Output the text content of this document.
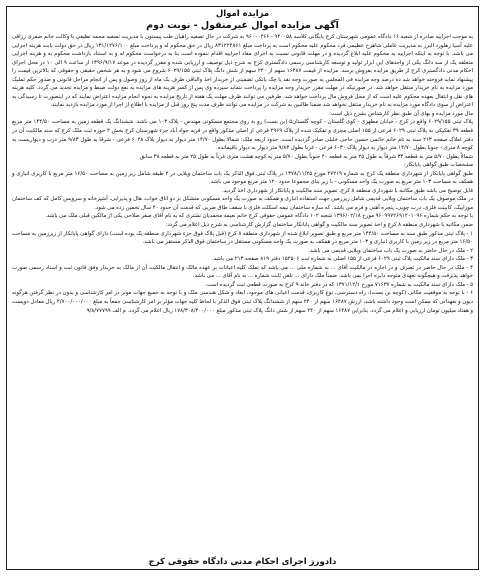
مزایده اموال
آگهی مزایده اموال غیرمنقول - نوبت دوم

به موجب اجراییه صادره از شعبه ۱۶ دادگاه عمومی شهرستان کرج بایگانی کلاسه ۹۴۰۰۵۸ - ۹۶۰۰۰۴۶۶ به شرکت در حال تصفیه راهیان طب پیستون با مدیریت تصفیه محمد نظیفی با وکالت خانم صفری رزاقی علیه آسیا زهلورد البرز به مدیریت عاملی شاهرخ عظیمی فرد محکوم علیه محکوم است به پرداخت مبلغ ۸۳۱۲۲۴۸۶۱ ریال در حق محکوم له و پرداخت مبلغ ۱۳۱/۱۲۷۶/۱۰۰ ریال در حق دولت بابت هزینه اجرایی می باشد. با توجه به اینکه اجراییه به محکوم علیه ابلاغ گردیده و در مهلت قانونی نسبت به اجرای مفاد اجراییه اقدام ننموده است بنا به درخواست محکوم له و به استناد بازداشت محکوم به و هزینه اجرایی متعلقه یک از سه دانگ یکی از واحدهای این ابزار تولید و توسعه کارشناسی رسمی دادگستری کرج به شرح ذیل توصیف و ارزیابی شده و مقرر گردیده در موعد ۱۳۹۶/۹/۱۷ از ساعت ۹ الی ۱۰ در محل اجرای احکام مدنی دادگستری کرج از طریق مزایده بفروش برسد. مزایده از قیمت ۱۶۴۸۷ سهم از ۲۴۰ سهم از شش دانگ پلاک ثبتی ۶۰۲۹/۱۵۵ شروع می شود و به هر شخص حقیقی و حقوقی که بالاترین قیمت را پیشنهاد نماید فروخته خواهد شد ده درصد وجه مزایده فی المجلس به صورت وجه نقد یا چک بانکی تضمینی از خریدار اخذ والباقی ظرف یک ماه از روز وصول و پس از انجام مراحل قانونی و صدور حکم تملیک مورد مزایده به نام خریدار منتقل خواهد شد. در صورتیکه در مهلت مقرر خریدار وجه مزایده را پرداخت ننماید سپرده وی پس از کسر هزینه های مزایده به نفع دولت ضبط و مزایده تجدید می گردد. کلیه هزینه های نقل و انتقال بعهده محکوم علیه است که از محل فروش مال پرداخت خواهد شد. طرفین می توانند ظرف مهلت یک هفته از تاریخ مزایده به نحوه انجام مزایده اعتراض نمایند که در اینصورت تا رسیدگی به اعتراض از سوی دادگاه مورد مزایده به نام خریدار منتقل نخواهد شد ضمنا طالبین به شرکت در مزایده می توانند ظرف مدت پنج روز قبل از مزایده با اطلاع از اجرا از مورد مزایده بازدید نمایند.

مال مورد مزایده و بهای آن طبق نظر کارشناس بشرح ذیل است:

پلاک ثبتی ۶۰۲۹/۱۵۵ واقع در کرج - خیابان مطهری - کوی گلستان - کوچه گلستان۵ (بن بست) رو به روی مجتمع مسکونی مهندس - پلاک ۱۰۳ می باشد. ششدانگ یک قطعه زمین به مساحت ۱۴۴/۵۰ متر مربع قطعه ۳۹ تفکیکی به پلاک ثبتی ۶۰۲۹ فرعی از ۱۵۵ اصلی مجزی و تفکیک شده از پلاک ۲۹۶۹ فرعی از اصلی مذکور واقع در قریه جواد آباد جزء شهرستان کرج بخش ۴ حوزه ثبت ملک کرج که سند مالکیت آن در دفتر املاک صفحه ۲۱۳ سند به نام خانم خاتمی حسین حاجی خلیلی صادر گردیده است. حدود اربعه ملک: شمالا بطول ۱۴/۷۰ متر دیوار به دیوار پلاک ۶۰۲۸ فرعی - شرقا به طول ۹/۸۳ متر درب و دیواریست به کوچه ۸ متری - جنوبا بطول ۱۴/۷۰ متر دیوار به دیوار پلاک ۶۰۳۰ فرعی - غربا بطول ۹/۸۳ متر دیوار به دیوار باقیمانده.

شمالاً بطول ۵/۷۰ متر به قطعه ۳۴ شرقاً به طول ۲۵ متر به قطعه ۴۰ جنوباً بطول ۵/۷۰ متر به کوچه هشت متری غرباً به طول ۲۵ متر به قطعه ۳۸ سابق

مشخصات طبق گواهی پایانکار:

طبق گواهی پایانکار از شهرداری منطقه یک کرج به شماره ۲۷۲۱۹ مورخ ۱۳۷۸/۱۱/۲۵ در پلاک ثبتی فوق الذکر یک باب ساختمان ویلایی در ۲ طبقه شامل زیر زمین به مساحت ۱۶/۵۰ متر مربع با کاربری انباری و همکف به مساحت ۱۰۳ متر مربع به صورت یک واحد مسکونی - با زیر بنای مجموعا حدود ۱۲۰ متر مربع موجود می باشد.

قابل توضیح می باشد طبق مکاتبه با شهرداری منطقه ۸ کرج، تصویر سند مالکیت و پایانکار از شهرداری اخذ گردید.

در ملک موصوف یک باب ساختمان ویلایی قدیمی شامل زیرزمین جهت استفاده انباری و همکف به صورت یک واحد مسکونی متشکل بر دو اتاق خواب، هال و پذیرایی، آشپزخانه و سرویس کامل که کف ساختمان موزاییک، کابینت فلزی، درب چوبی، پنجره آهنی و فرم می باشد. که سازه ساختمان نیمه اسکلت فلزی با سقف طاق ضربی که قدمت آن حدود ۴۰ سال تخمین زده می شود.

با توجه به حکم شماره ۹۶۰۹۹۷۲۶۹۱۲۰۱۰۹۶ مورخ ۱۳۹۶/۰۲/۱۸ شعبه ۱۰۲ دادگاه عمومی حقوقی کرج خانم نعیمه محمدیان نشتری که به نام آقای صفر صلاحی یکی از مالکین قبلی ملک می باشد.

ضمن مکاتبه با شهرداری منطقه ۸ کرج و اخذ تصویر سند مالکیت و گواهی پایانکار ساختمان گزارش کارشناسی به شرح ذیل اعلام می گردد:

۱ - پلاک ثبتی مذکور طبق سند به مساحت ۱۴۴/۵۰ متر مربع و طبق تصویر ابلاغ شده از شهرداری منطقه ۸ کرج (قبل پلاک فوق جزء شهرداری منطقه یک بوده است) دارای گواهی پایانکار از زیرزمین به مساحت ۱۶/۵۰ متر مربع در زیر زمین با کاربری انباری و ۱۰۳ متر مربع در همکف به صورت یک واحد مسکونی مستقل در ساختمان فوق الذکر مستقر می باشد.

۲ - ملک در حال حاضر به صورت یک باب ساختمان ویلایی قدیمی می باشد.

۳ - ملک دارای سند مالکیت پلاک ثبتی ۶۰۲۹ فرعی از ۱۵۵ اصلی به شماره ثبت ۱۵۲۵۰۶ دفتر ۸۱۹ صفحه ۲۱۳ می باشد.

۴ - ملک در حال حاضر در تصرف و در اجاره در مالکیت آقای ... به شماره ملی ... می باشد که تملک کلیه اعیانات بر عهده مالک و انتقال مالکیت آن از مالک به خریدار وفق قانون ثبت و اسناد رسمی صورت خواهد پذیرفت و هیچگونه تعهدی متوجه دایره اجرا نمی باشد. ضمناً ملک دارای ... تلفن ثابت شماره ... به نام آقای ... می باشد.

۵ - ملک دارای سند مالکیت به شماره ۷۱۶۳۷ مورخ ۱۳۷۱/۱۲/۱ که در دفتر خانه ۹ کرج به صورت قطعی ثبت گردیده است.

۶ - با توجه به موقعیت مکانی (کوچه بن بست)، راه دسترسی، نوع کاربری، قدمت اعیانی های موجود، ابعاد و شکل هندسی ملک و با توجه به جمیع جهات موثر در امر کارشناسی و بدون در نظر گرفتن هرگونه دیون و تعهداتی که ممکن است وجود داشته باشد، ارزش ۱۶۴۸۷ سهم از ۲۴۰ سهم از ششدانگ پلاک ثبتی فوق الذکر با لحاظ کلیه جهات مؤثر بر امر کارشناسی جمعاً به مبلغ ۲/۷۰۰/۰۰۰/۰۰۰ ریال معادل دویست و هفتاد میلیون تومان ارزیابی و اعلام می گردد. بنابراین ۱۶۴۸۷ سهم از ۲۴۰ سهم از شش دانگ پلاک ثبتی مذکور مبلغ ۱۷۸/۳۰۸/۴۰۰/۰۰۰ ریال اعلام می گردد. م الف ۹/۸/۷۷۷۹۹

دادورز اجرای احکام مدنی دادگاه حقوقی کرج
